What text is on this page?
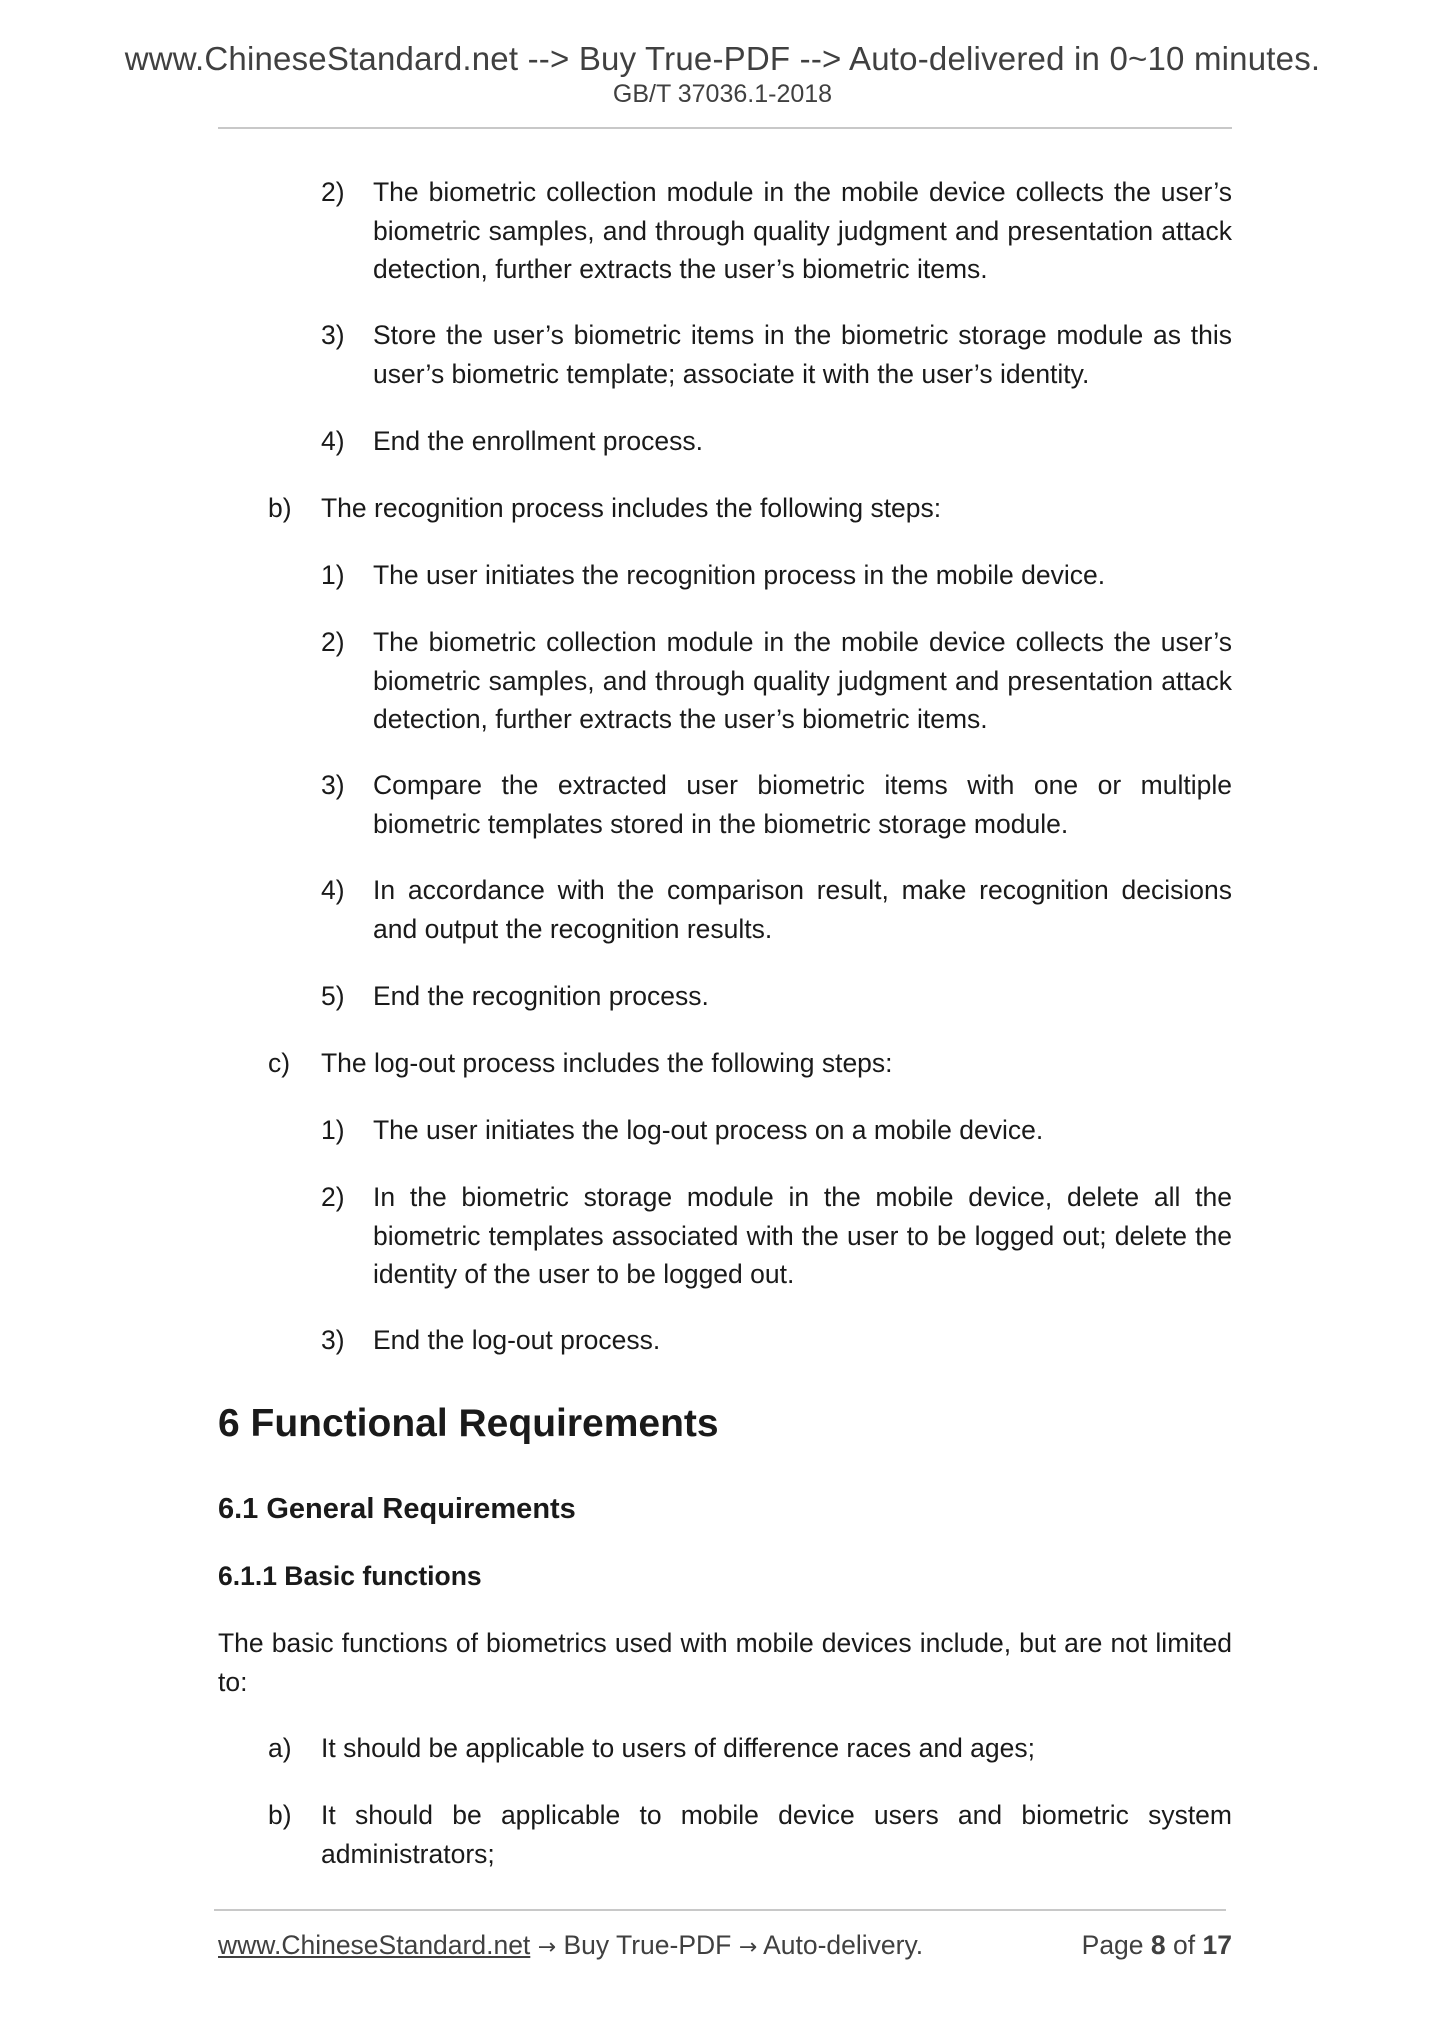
www.ChineseStandard.net --> Buy True-PDF --> Auto-delivered in 0~10 minutes.
GB/T 37036.1-2018
2) The biometric collection module in the mobile device collects the user’s biometric samples, and through quality judgment and presentation attack detection, further extracts the user’s biometric items.
3) Store the user’s biometric items in the biometric storage module as this user’s biometric template; associate it with the user’s identity.
4) End the enrollment process.
b) The recognition process includes the following steps:
1) The user initiates the recognition process in the mobile device.
2) The biometric collection module in the mobile device collects the user’s biometric samples, and through quality judgment and presentation attack detection, further extracts the user’s biometric items.
3) Compare the extracted user biometric items with one or multiple biometric templates stored in the biometric storage module.
4) In accordance with the comparison result, make recognition decisions and output the recognition results.
5) End the recognition process.
c) The log-out process includes the following steps:
1) The user initiates the log-out process on a mobile device.
2) In the biometric storage module in the mobile device, delete all the biometric templates associated with the user to be logged out; delete the identity of the user to be logged out.
3) End the log-out process.
6 Functional Requirements
6.1 General Requirements
6.1.1 Basic functions
The basic functions of biometrics used with mobile devices include, but are not limited to:
a) It should be applicable to users of difference races and ages;
b) It should be applicable to mobile device users and biometric system administrators;
www.ChineseStandard.net → Buy True-PDF → Auto-delivery.	Page 8 of 17
